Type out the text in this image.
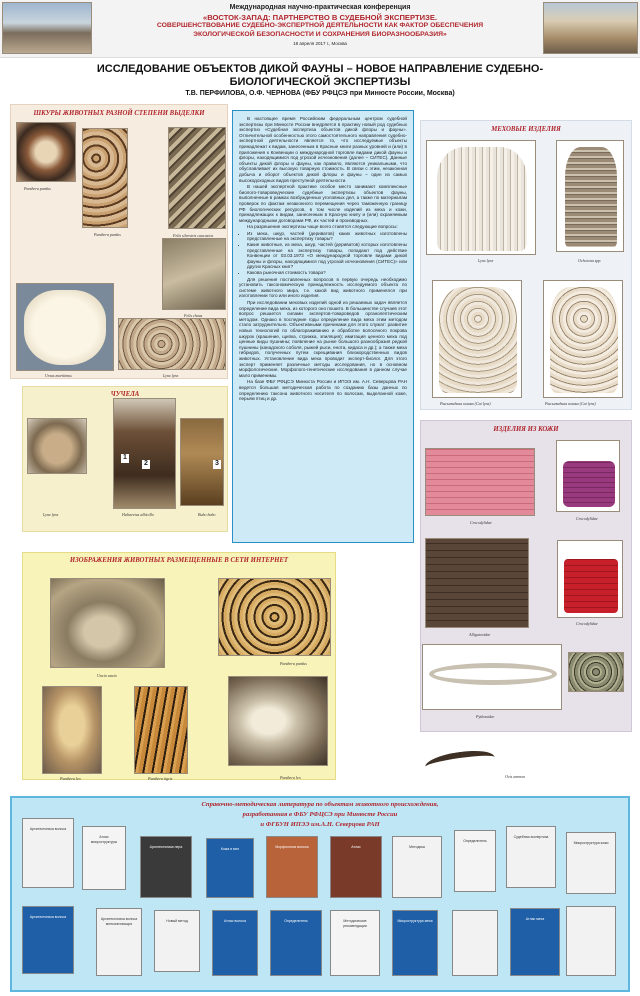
Международная научно-практическая конференция
«ВОСТОК-ЗАПАД: ПАРТНЕРСТВО В СУДЕБНОЙ ЭКСПЕРТИЗЕ.
СОВЕРШЕНСТВОВАНИЕ СУДЕБНО-ЭКСПЕРТНОЙ ДЕЯТЕЛЬНОСТИ КАК ФАКТОР ОБЕСПЕЧЕНИЯ
ЭКОЛОГИЧЕСКОЙ БЕЗОПАСНОСТИ И СОХРАНЕНИЯ БИОРАЗНООБРАЗИЯ»
18 апреля 2017 г., Москва
ИССЛЕДОВАНИЕ ОБЪЕКТОВ ДИКОЙ ФАУНЫ – НОВОЕ НАПРАВЛЕНИЕ СУДЕБНО-
БИОЛОГИЧЕСКОЙ ЭКСПЕРТИЗЫ
Т.В. ПЕРФИЛОВА, О.Ф. ЧЕРНОВА (ФБУ РФЦСЭ при Минюсте России, Москва)
ШКУРЫ ЖИВОТНЫХ РАЗНОЙ СТЕПЕНИ ВЫДЕЛКИ
Panthera pardus
Panthera pardus	Felis silvestris caucasica
Felis chaus
Ursus maritimus	Lynx lynx
ЧУЧЕЛА
Lynx lynx
1
2
Haliaeetus albicilla
3
Bubo bubo
ИЗОБРАЖЕНИЯ ЖИВОТНЫХ РАЗМЕЩЕННЫЕ В СЕТИ ИНТЕРНЕТ
Uncia uncia
Panthera pardus
Panthera leo	Panthera tigris	Panthera leo

В настоящее время Российским федеральным центром судебной экспертизы при Минюсте России внедряется в практику новый род судебных экспертиз «Судебная экспертиза объектов дикой флоры и фауны». Отличительной особенностью этого самостоятельного направления судебно-экспертной деятельности является то, что исследуемые объекты принадлежат к видам, занесенным в Красные книги разных уровней и (или) в приложения к Конвенции о международной торговле видами дикой фауны и флоры, находящимися под угрозой исчезновения (далее – СИТЕС). Данные объекты дикой флоры и фауны, как правило, являются уникальными, что обуславливает их высокую товарную стоимость. В связи с этим, незаконная добыча и оборот объектов дикой флоры и фауны – один из самых высокодоходных видов преступной деятельности.

В нашей экспертной практике особое место занимают комплексные биолого-товароведческие судебные экспертизы объектов фауны, выполненные в рамках возбужденных уголовных дел, а также по материалам проверок по фактам незаконного перемещения через таможенную границу РФ биологических ресурсов, в том числе изделий из меха и кожи, принадлежащих к видам, занесенным в Красную книгу и (или) охраняемым международными договорами РФ, их частей и производных.

На разрешение экспертизы чаще всего ставятся следующие вопросы:

• Из меха, шкур, частей (дериватов) каких животных изготовлены представленные на экспертизу товары?
• Какие животные, из меха, шкур, частей (дериватов) которых изготовлены представленные на экспертизу товары, попадают под действие Конвенции от 03.03.1973 «О международной торговле видами дикой фауны и флоры, находящимися под угрозой исчезновения (СИТЕС)» или других Красных книг?
• Какова рыночная стоимость товара?

Для решения поставленных вопросов в первую очередь необходимо установить таксономическую принадлежность исследуемого объекта по системе животного мира, т.е. какой вид животного применялся при изготовлении того или иного изделия.

При исследовании меховых изделий одной из решаемых задач является определение вида меха, из которого оно пошито. В большинстве случаев этот вопрос решается силами экспертов-товароведов органолептическим методом. Однако в последние годы определение вида меха этим методом стало затруднительно. Объективными причинами для этого служат: развитие новых технологий по облагораживанию и обработке волосяного покрова шкурок (крашение, щипка, стрижка, эпиляция); имитация ценного меха под ценные виды пушнины; появление на рынке большого разнообразия редкой пушнины (канадского соболя, рыжей рыси, енота, кидаса и др.); а также меха гибридов, полученных путем скрещивания близкородственных видов животных. Установление вида меха проводит эксперт-биолог. Для этого эксперт применяет различные методы исследования, но в основном морфологические. Морфолого-генетические исследования в данном случае мало применимы.

На базе ФБУ РФЦСЭ Минюста России и ИПЭЭ им. А.Н. Северцова РАН ведется большая методическая работа по созданию базы данных по определению таксона животного носителя по волосам, выделанной коже, перьям птиц и др.

МЕХОВЫЕ ИЗДЕЛИЯ
Lynx lynx	Ochotona spp.
Рысьевидная кошка (Cat lynx)	Рысьевидная кошка (Cat lynx)
ИЗДЕЛИЯ ИЗ КОЖИ
Crocodylidae
Crocodylidae
Alligatoridae
Crocodylidae
Pythonidae
Ovis ammon
Справочно-методическая литература по объектам животного происхождения,
разработанная в ФБУ РФЦСЭ при Минюсте России
и ФГБУН ИПЭЭ им.А.Н. Северцова РАН
Архитектоника волоса
Атлас микроструктуры
Архитектоника пера	Кожа и мех	Морфология волоса	Атлас	Методика
Определитель
Судебная экспертиза
Микроструктура кожи
Архитектоника волоса	Архитектоника волоса млекопитающих
Новый метод	Атлас волоса	Определитель	Методические рекомендации
Микроструктура меха	Атлас меха
